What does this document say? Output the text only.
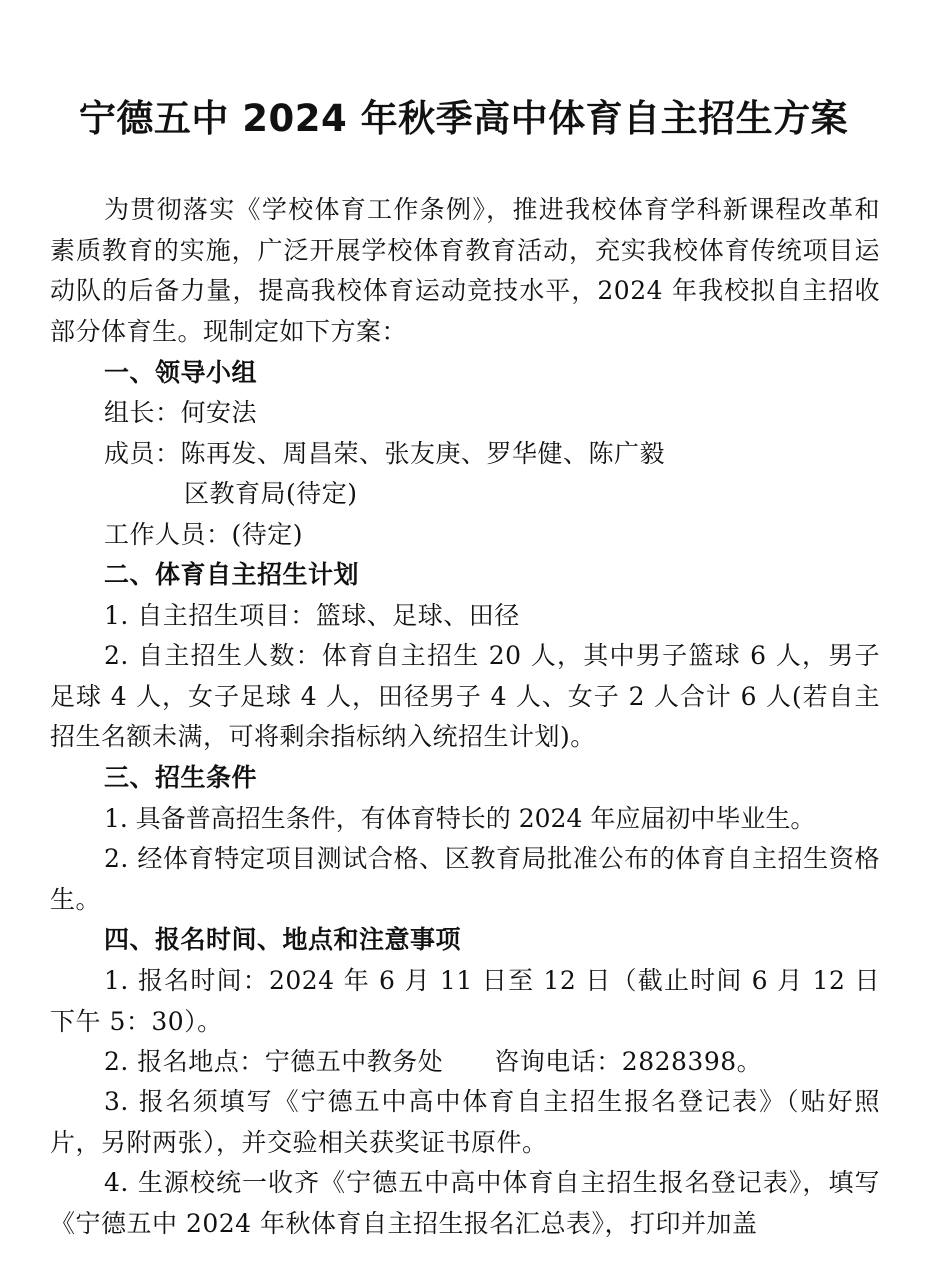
宁德五中 2024 年秋季高中体育自主招生方案
为贯彻落实《学校体育工作条例》，推进我校体育学科新课程改革和素质教育的实施，广泛开展学校体育教育活动，充实我校体育传统项目运动队的后备力量，提高我校体育运动竞技水平，2024 年我校拟自主招收部分体育生。现制定如下方案：
一、领导小组
组长：何安法
成员：陈再发、周昌荣、张友庚、罗华健、陈广毅
区教育局(待定)
工作人员：(待定)
二、体育自主招生计划
1. 自主招生项目：篮球、足球、田径
2. 自主招生人数：体育自主招生 20 人，其中男子篮球 6 人，男子足球 4 人，女子足球 4 人，田径男子 4 人、女子 2 人合计 6 人(若自主招生名额未满，可将剩余指标纳入统招生计划)。
三、招生条件
1. 具备普高招生条件，有体育特长的 2024 年应届初中毕业生。
2. 经体育特定项目测试合格、区教育局批准公布的体育自主招生资格生。
四、报名时间、地点和注意事项
1. 报名时间：2024 年 6 月 11 日至 12 日（截止时间 6 月 12 日下午 5：30）。
2. 报名地点：宁德五中教务处　　咨询电话：2828398。
3. 报名须填写《宁德五中高中体育自主招生报名登记表》（贴好照片，另附两张），并交验相关获奖证书原件。
4. 生源校统一收齐《宁德五中高中体育自主招生报名登记表》，填写《宁德五中 2024 年秋体育自主招生报名汇总表》，打印并加盖
